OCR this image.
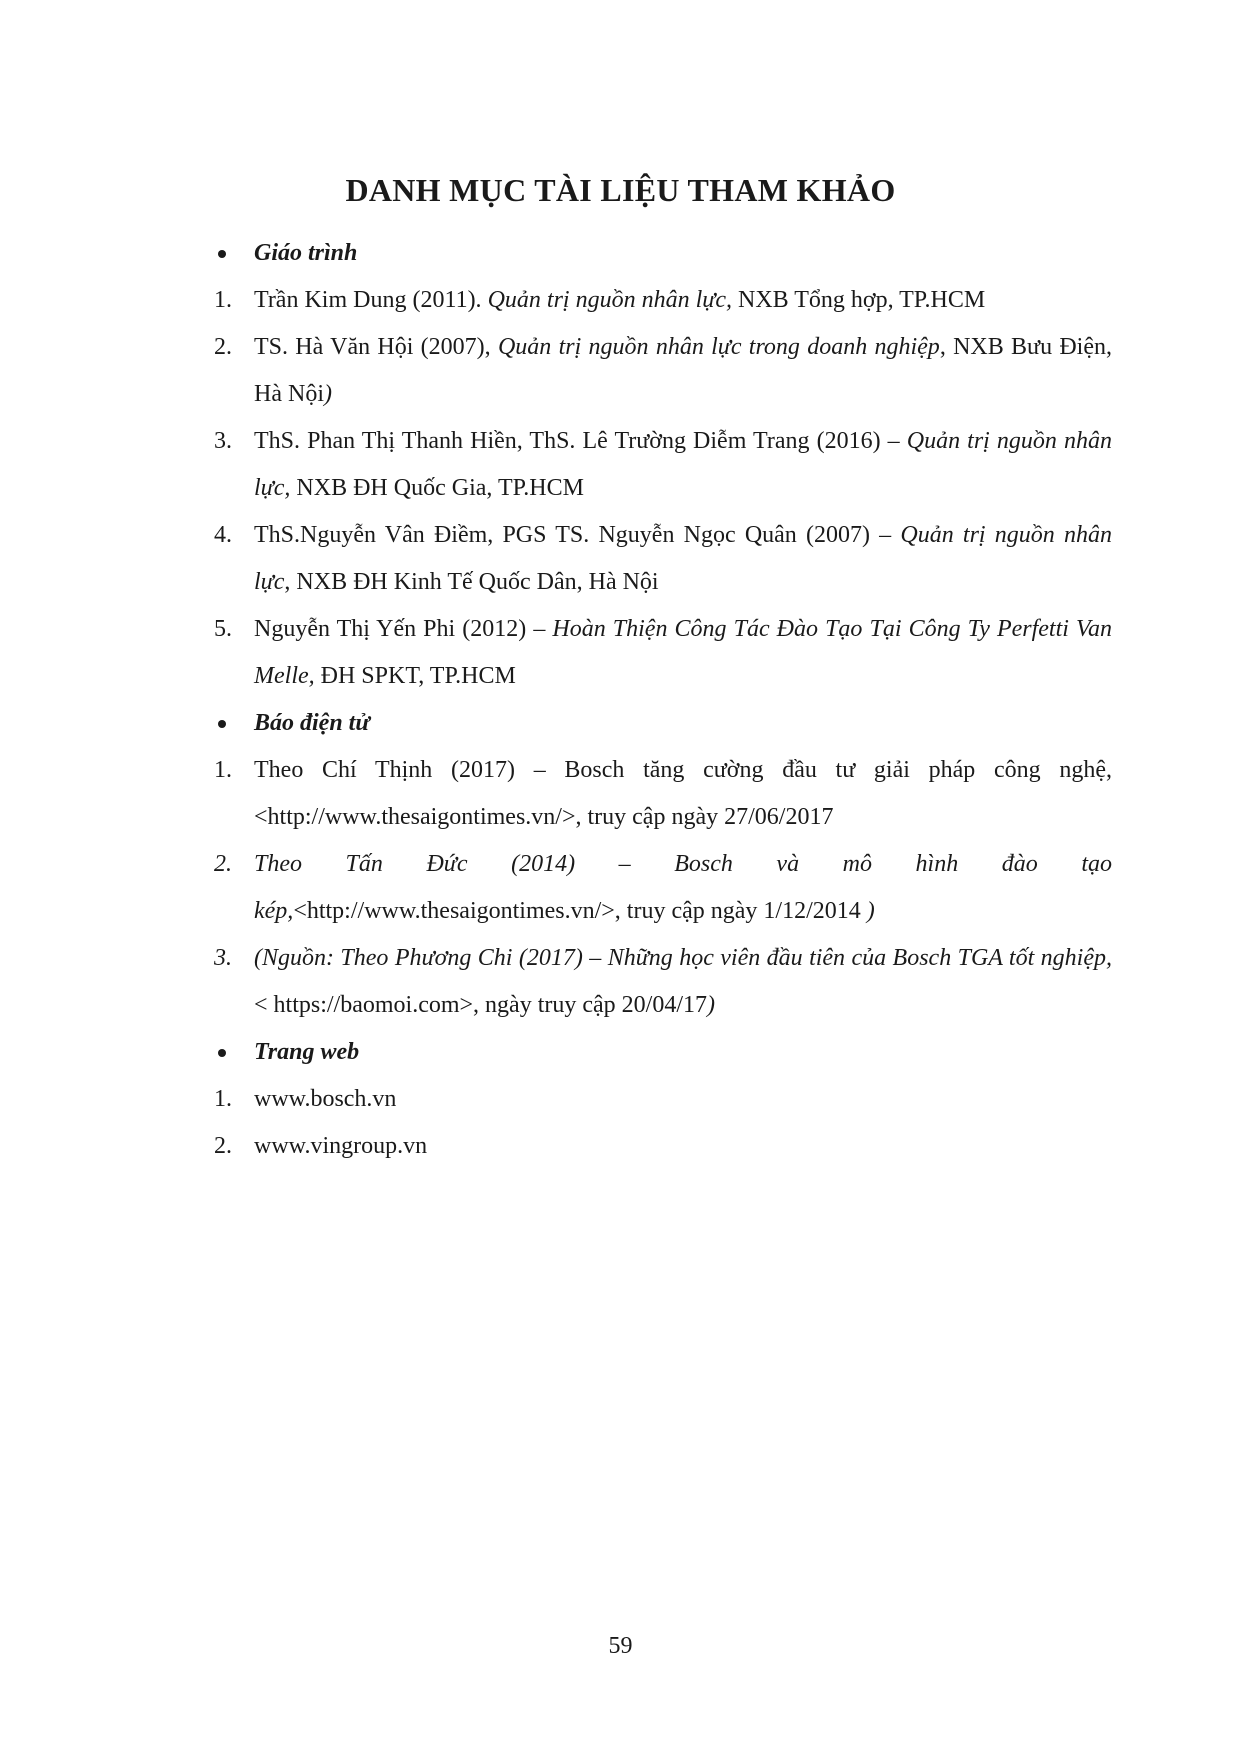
DANH MỤC TÀI LIỆU THAM KHẢO
Giáo trình
1. Trần Kim Dung (2011). Quản trị nguồn nhân lực, NXB Tổng hợp, TP.HCM
2. TS. Hà Văn Hội (2007), Quản trị nguồn nhân lực trong doanh nghiệp, NXB Bưu Điện, Hà Nội)
3. ThS. Phan Thị Thanh Hiền, ThS. Lê Trường Diễm Trang (2016) – Quản trị nguồn nhân lực, NXB ĐH Quốc Gia, TP.HCM
4. ThS.Nguyễn Vân Điềm, PGS TS. Nguyễn Ngọc Quân (2007) – Quản trị nguồn nhân lực, NXB ĐH Kinh Tế Quốc Dân, Hà Nội
5. Nguyễn Thị Yến Phi (2012) – Hoàn Thiện Công Tác Đào Tạo Tại Công Ty Perfetti Van Melle, ĐH SPKT, TP.HCM
Báo điện tử
1. Theo Chí Thịnh (2017) – Bosch tăng cường đầu tư giải pháp công nghệ, <http://www.thesaigontimes.vn/>, truy cập ngày 27/06/2017
2. Theo Tấn Đức (2014) – Bosch và mô hình đào tạo
kép,<http://www.thesaigontimes.vn/>, truy cập ngày 1/12/2014 )
3. (Nguồn: Theo Phương Chi (2017) – Những học viên đầu tiên của Bosch TGA tốt nghiệp, < https://baomoi.com>, ngày truy cập 20/04/17)
Trang web
1. www.bosch.vn
2. www.vingroup.vn
59
